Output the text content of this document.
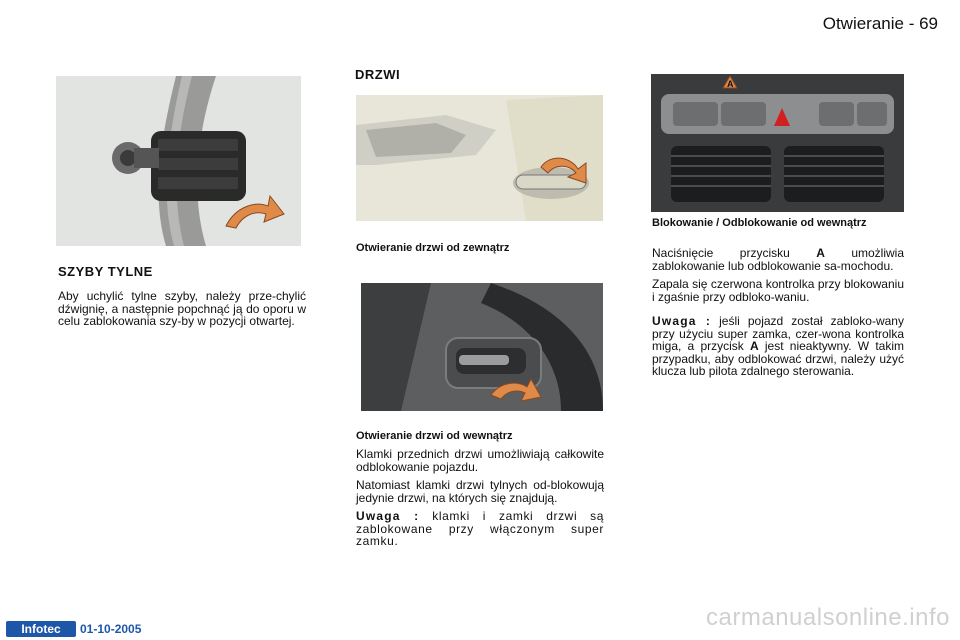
Otwieranie - 69
SZYBY TYLNE
Aby uchylić tylne szyby, należy prze-chylić dźwignię, a następnie popchnąć ją do oporu w celu zablokowania szy-by w pozycji otwartej.
DRZWI
Otwieranie drzwi od zewnątrz
Otwieranie drzwi od wewnątrz

Klamki przednich drzwi umożliwiają całkowite odblokowanie pojazdu.

Natomiast klamki drzwi tylnych od-blokowują jedynie drzwi, na których się znajdują.

Uwaga : klamki i zamki drzwi są zablokowane przy włączonym super zamku.

A
Blokowanie / Odblokowanie od wewnątrz

Naciśnięcie przycisku A umożliwia zablokowanie lub odblokowanie sa-mochodu.

Zapala się czerwona kontrolka przy blokowaniu i zgaśnie przy odbloko-waniu.

Uwaga : jeśli pojazd został zabloko-wany przy użyciu super zamka, czer-wona kontrolka miga, a przycisk A jest nieaktywny. W takim przypadku, aby odblokować drzwi, należy użyć klucza lub pilota zdalnego sterowania.

Infotec	01-10-2005	carmanualsonline.info
